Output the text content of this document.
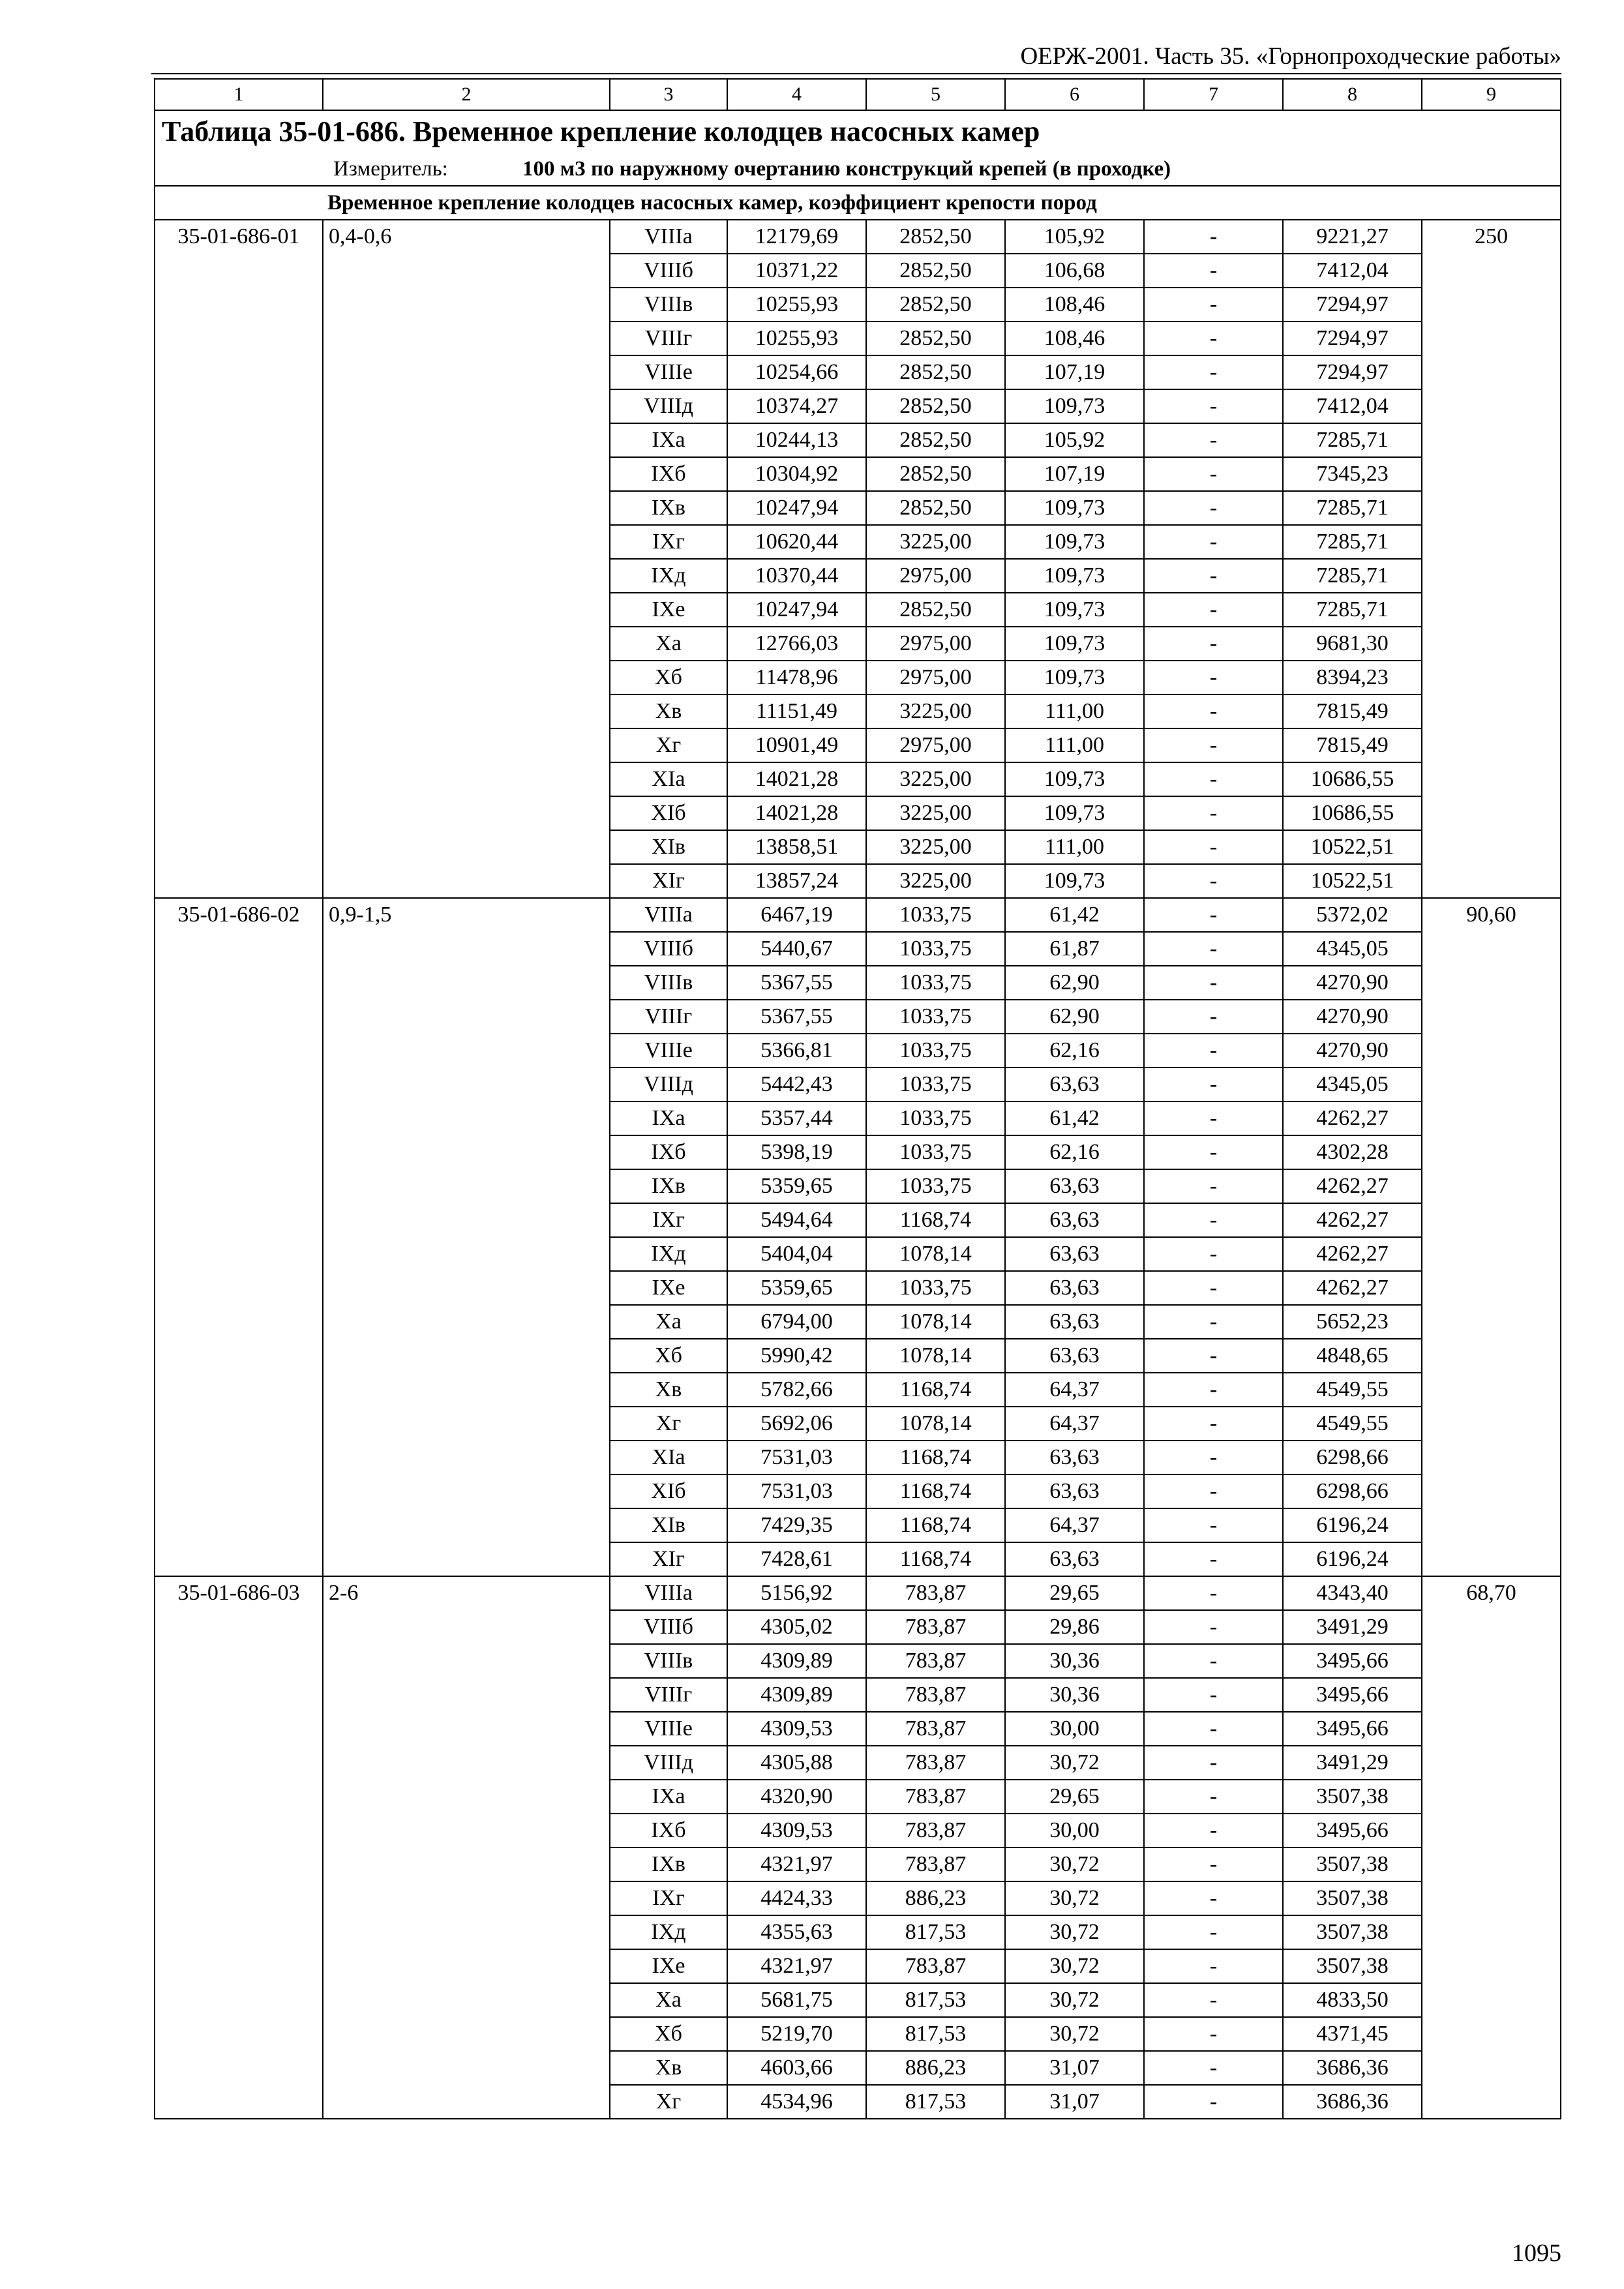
ОЕРЖ-2001. Часть 35. «Горнопроходческие работы»
1	2	3	4	5	6	7	8	9
Таблица 35-01-686. Временное крепление колодцев насосных камер								
Измеритель: 100 м3 по наружному очертанию конструкций крепей (в проходке)								
Временное крепление колодцев насосных камер, коэффициент крепости пород								
35-01-686-01	0,4-0,6	VIIIа	12179,69	2852,50	105,92	-	9221,27	250
		VIIIб	10371,22	2852,50	106,68	-	7412,04	
		VIIIв	10255,93	2852,50	108,46	-	7294,97	
		VIIIг	10255,93	2852,50	108,46	-	7294,97	
		VIIIе	10254,66	2852,50	107,19	-	7294,97	
		VIIIд	10374,27	2852,50	109,73	-	7412,04	
		IXа	10244,13	2852,50	105,92	-	7285,71	
		IXб	10304,92	2852,50	107,19	-	7345,23	
		IXв	10247,94	2852,50	109,73	-	7285,71	
		IXг	10620,44	3225,00	109,73	-	7285,71	
		IXд	10370,44	2975,00	109,73	-	7285,71	
		IXе	10247,94	2852,50	109,73	-	7285,71	
		Xа	12766,03	2975,00	109,73	-	9681,30	
		Xб	11478,96	2975,00	109,73	-	8394,23	
		Xв	11151,49	3225,00	111,00	-	7815,49	
		Xг	10901,49	2975,00	111,00	-	7815,49	
		XIа	14021,28	3225,00	109,73	-	10686,55	
		XIб	14021,28	3225,00	109,73	-	10686,55	
		XIв	13858,51	3225,00	111,00	-	10522,51	
		XIг	13857,24	3225,00	109,73	-	10522,51	
35-01-686-02	0,9-1,5	VIIIа	6467,19	1033,75	61,42	-	5372,02	90,60
		VIIIб	5440,67	1033,75	61,87	-	4345,05	
		VIIIв	5367,55	1033,75	62,90	-	4270,90	
		VIIIг	5367,55	1033,75	62,90	-	4270,90	
		VIIIе	5366,81	1033,75	62,16	-	4270,90	
		VIIIд	5442,43	1033,75	63,63	-	4345,05	
		IXа	5357,44	1033,75	61,42	-	4262,27	
		IXб	5398,19	1033,75	62,16	-	4302,28	
		IXв	5359,65	1033,75	63,63	-	4262,27	
		IXг	5494,64	1168,74	63,63	-	4262,27	
		IXд	5404,04	1078,14	63,63	-	4262,27	
		IXе	5359,65	1033,75	63,63	-	4262,27	
		Xа	6794,00	1078,14	63,63	-	5652,23	
		Xб	5990,42	1078,14	63,63	-	4848,65	
		Xв	5782,66	1168,74	64,37	-	4549,55	
		Xг	5692,06	1078,14	64,37	-	4549,55	
		XIа	7531,03	1168,74	63,63	-	6298,66	
		XIб	7531,03	1168,74	63,63	-	6298,66	
		XIв	7429,35	1168,74	64,37	-	6196,24	
		XIг	7428,61	1168,74	63,63	-	6196,24	
35-01-686-03	2-6	VIIIа	5156,92	783,87	29,65	-	4343,40	68,70
		VIIIб	4305,02	783,87	29,86	-	3491,29	
		VIIIв	4309,89	783,87	30,36	-	3495,66	
		VIIIг	4309,89	783,87	30,36	-	3495,66	
		VIIIе	4309,53	783,87	30,00	-	3495,66	
		VIIIд	4305,88	783,87	30,72	-	3491,29	
		IXа	4320,90	783,87	29,65	-	3507,38	
		IXб	4309,53	783,87	30,00	-	3495,66	
		IXв	4321,97	783,87	30,72	-	3507,38	
		IXг	4424,33	886,23	30,72	-	3507,38	
		IXд	4355,63	817,53	30,72	-	3507,38	
		IXе	4321,97	783,87	30,72	-	3507,38	
		Xа	5681,75	817,53	30,72	-	4833,50	
		Xб	5219,70	817,53	30,72	-	4371,45	
		Xв	4603,66	886,23	31,07	-	3686,36	
		Xг	4534,96	817,53	31,07	-	3686,36	
1095
